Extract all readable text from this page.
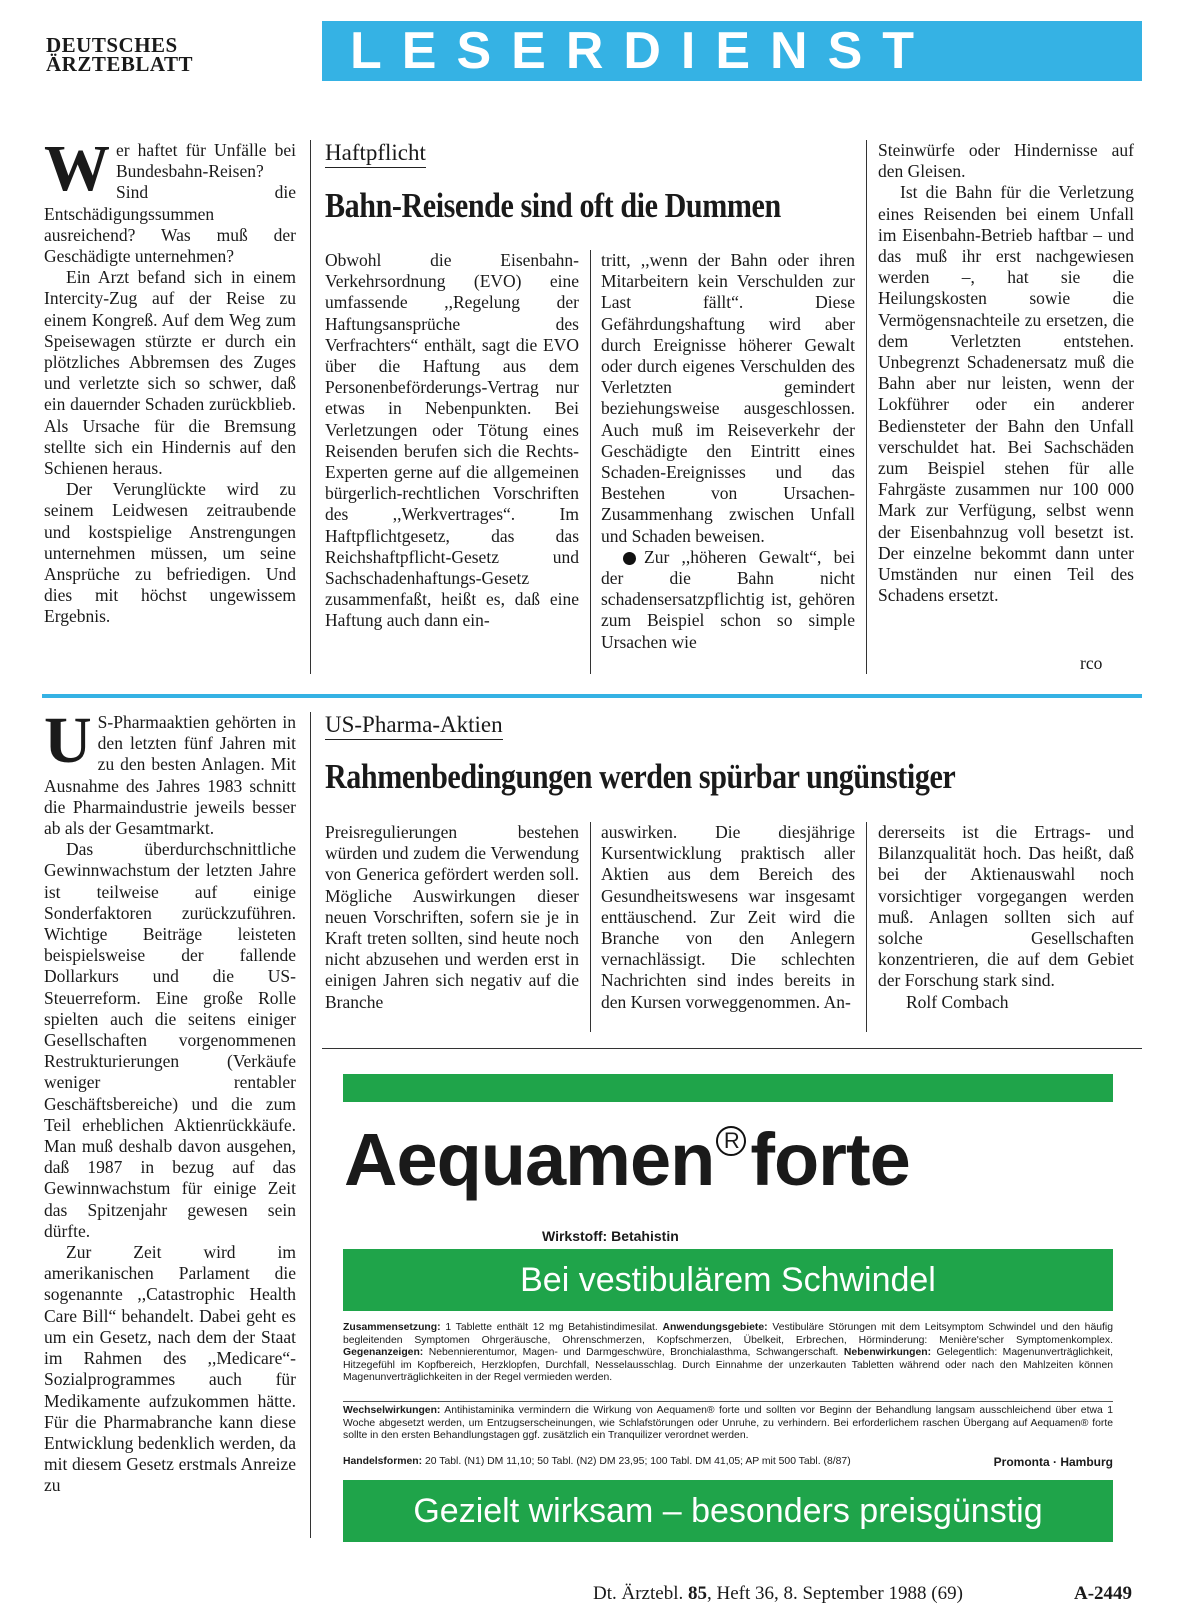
DEUTSCHES
ÄRZTEBLATT	LESERDIENST

Wer haftet für Unfälle bei Bundesbahn-Reisen? Sind die Entschädigungssummen ausreichend? Was muß der Geschädigte unternehmen?

Ein Arzt befand sich in einem Intercity-Zug auf der Reise zu einem Kongreß. Auf dem Weg zum Speisewagen stürzte er durch ein plötzliches Abbremsen des Zuges und verletzte sich so schwer, daß ein dauernder Schaden zurückblieb. Als Ursache für die Bremsung stellte sich ein Hindernis auf den Schienen heraus.

Der Verunglückte wird zu seinem Leidwesen zeitraubende und kostspielige Anstrengungen unternehmen müssen, um seine Ansprüche zu befriedigen. Und dies mit höchst ungewissem Ergebnis.

Haftpflicht
Bahn-Reisende sind oft die Dummen

Obwohl die Eisenbahn-Verkehrsordnung (EVO) eine umfassende ,,Regelung der Haftungsansprüche des Verfrachters“ enthält, sagt die EVO über die Haftung aus dem Personenbeförderungs-Vertrag nur etwas in Nebenpunkten. Bei Verletzungen oder Tötung eines Reisenden berufen sich die Rechts-Experten gerne auf die allgemeinen bürgerlich-rechtlichen Vorschriften des ,,Werkvertrages“. Im Haftpflichtgesetz, das das Reichshaftpflicht-Gesetz und Sachschadenhaftungs-Gesetz zusammenfaßt, heißt es, daß eine Haftung auch dann ein-

tritt, ,,wenn der Bahn oder ihren Mitarbeitern kein Verschulden zur Last fällt“. Diese Gefährdungshaftung wird aber durch Ereignisse höherer Gewalt oder durch eigenes Verschulden des Verletzten gemindert beziehungsweise ausgeschlossen. Auch muß im Reiseverkehr der Geschädigte den Eintritt eines Schaden-Ereignisses und das Bestehen von Ursachen-Zusammenhang zwischen Unfall und Schaden beweisen.

Zur ,,höheren Gewalt“, bei der die Bahn nicht schadensersatzpflichtig ist, gehören zum Beispiel schon so simple Ursachen wie

Steinwürfe oder Hindernisse auf den Gleisen.

Ist die Bahn für die Verletzung eines Reisenden bei einem Unfall im Eisenbahn-Betrieb haftbar – und das muß ihr erst nachgewiesen werden –, hat sie die Heilungskosten sowie die Vermögensnachteile zu ersetzen, die dem Verletzten entstehen. Unbegrenzt Schadenersatz muß die Bahn aber nur leisten, wenn der Lokführer oder ein anderer Bediensteter der Bahn den Unfall verschuldet hat. Bei Sachschäden zum Beispiel stehen für alle Fahrgäste zusammen nur 100 000 Mark zur Verfügung, selbst wenn der Eisenbahnzug voll besetzt ist. Der einzelne bekommt dann unter Umständen nur einen Teil des Schadens ersetzt.

rco

U S-Pharmaaktien gehörten in den letzten fünf Jahren mit zu den besten Anlagen. Mit Ausnahme des Jahres 1983 schnitt die Pharmaindustrie jeweils besser ab als der Gesamtmarkt.

Das überdurchschnittliche Gewinnwachstum der letzten Jahre ist teilweise auf einige Sonderfaktoren zurückzuführen. Wichtige Beiträge leisteten beispielsweise der fallende Dollarkurs und die US-Steuerreform. Eine große Rolle spielten auch die seitens einiger Gesellschaften vorgenommenen Restrukturierungen (Verkäufe weniger rentabler Geschäftsbereiche) und die zum Teil erheblichen Aktienrückkäufe. Man muß deshalb davon ausgehen, daß 1987 in bezug auf das Gewinnwachstum für einige Zeit das Spitzenjahr gewesen sein dürfte.

Zur Zeit wird im amerikanischen Parlament die sogenannte ,,Catastrophic Health Care Bill“ behandelt. Dabei geht es um ein Gesetz, nach dem der Staat im Rahmen des ,,Medicare“-Sozialprogrammes auch für Medikamente aufzukommen hätte. Für die Pharmabranche kann diese Entwicklung bedenklich werden, da mit diesem Gesetz erstmals Anreize zu

US-Pharma-Aktien
Rahmenbedingungen werden spürbar ungünstiger

Preisregulierungen bestehen würden und zudem die Verwendung von Generica gefördert werden soll. Mögliche Auswirkungen dieser neuen Vorschriften, sofern sie je in Kraft treten sollten, sind heute noch nicht abzusehen und werden erst in einigen Jahren sich negativ auf die Branche

auswirken. Die diesjährige Kursentwicklung praktisch aller Aktien aus dem Bereich des Gesundheitswesens war insgesamt enttäuschend. Zur Zeit wird die Branche von den Anlegern vernachlässigt. Die schlechten Nachrichten sind indes bereits in den Kursen vorweggenommen. An-

dererseits ist die Ertrags- und Bilanzqualität hoch. Das heißt, daß bei der Aktienauswahl noch vorsichtiger vorgegangen werden muß. Anlagen sollten sich auf solche Gesellschaften konzentrieren, die auf dem Gebiet der Forschung stark sind.

Rolf Combach

Aequamen R forte
Wirkstoff: Betahistin
Bei vestibulärem Schwindel
Zusammensetzung: 1 Tablette enthält 12 mg Betahistindimesilat. Anwendungsgebiete: Vestibuläre Störungen mit dem Leitsymptom Schwindel und den häufig begleitenden Symptomen Ohrgeräusche, Ohrenschmerzen, Kopfschmerzen, Übelkeit, Erbrechen, Hörminderung: Menière'scher Symptomenkomplex. Gegenanzeigen: Nebennierentumor, Magen- und Darmgeschwüre, Bronchialasthma, Schwangerschaft. Nebenwirkungen: Gelegentlich: Magenunverträglichkeit, Hitzegefühl im Kopfbereich, Herzklopfen, Durchfall, Nesselausschlag. Durch Einnahme der unzerkauten Tabletten während oder nach den Mahlzeiten können Magenunverträglichkeiten in der Regel vermieden werden.
Wechselwirkungen: Antihistaminika vermindern die Wirkung von Aequamen® forte und sollten vor Beginn der Behandlung langsam ausschleichend über etwa 1 Woche abgesetzt werden, um Entzugserscheinungen, wie Schlafstörungen oder Unruhe, zu verhindern. Bei erforderlichem raschen Übergang auf Aequamen® forte sollte in den ersten Behandlungstagen ggf. zusätzlich ein Tranquilizer verordnet werden.
Handelsformen: 20 Tabl. (N1) DM 11,10; 50 Tabl. (N2) DM 23,95; 100 Tabl. DM 41,05; AP mit 500 Tabl. (8/87)	Promonta · Hamburg
Gezielt wirksam – besonders preisgünstig
Dt. Ärztebl. 85, Heft 36, 8. September 1988 (69)	A-2449
